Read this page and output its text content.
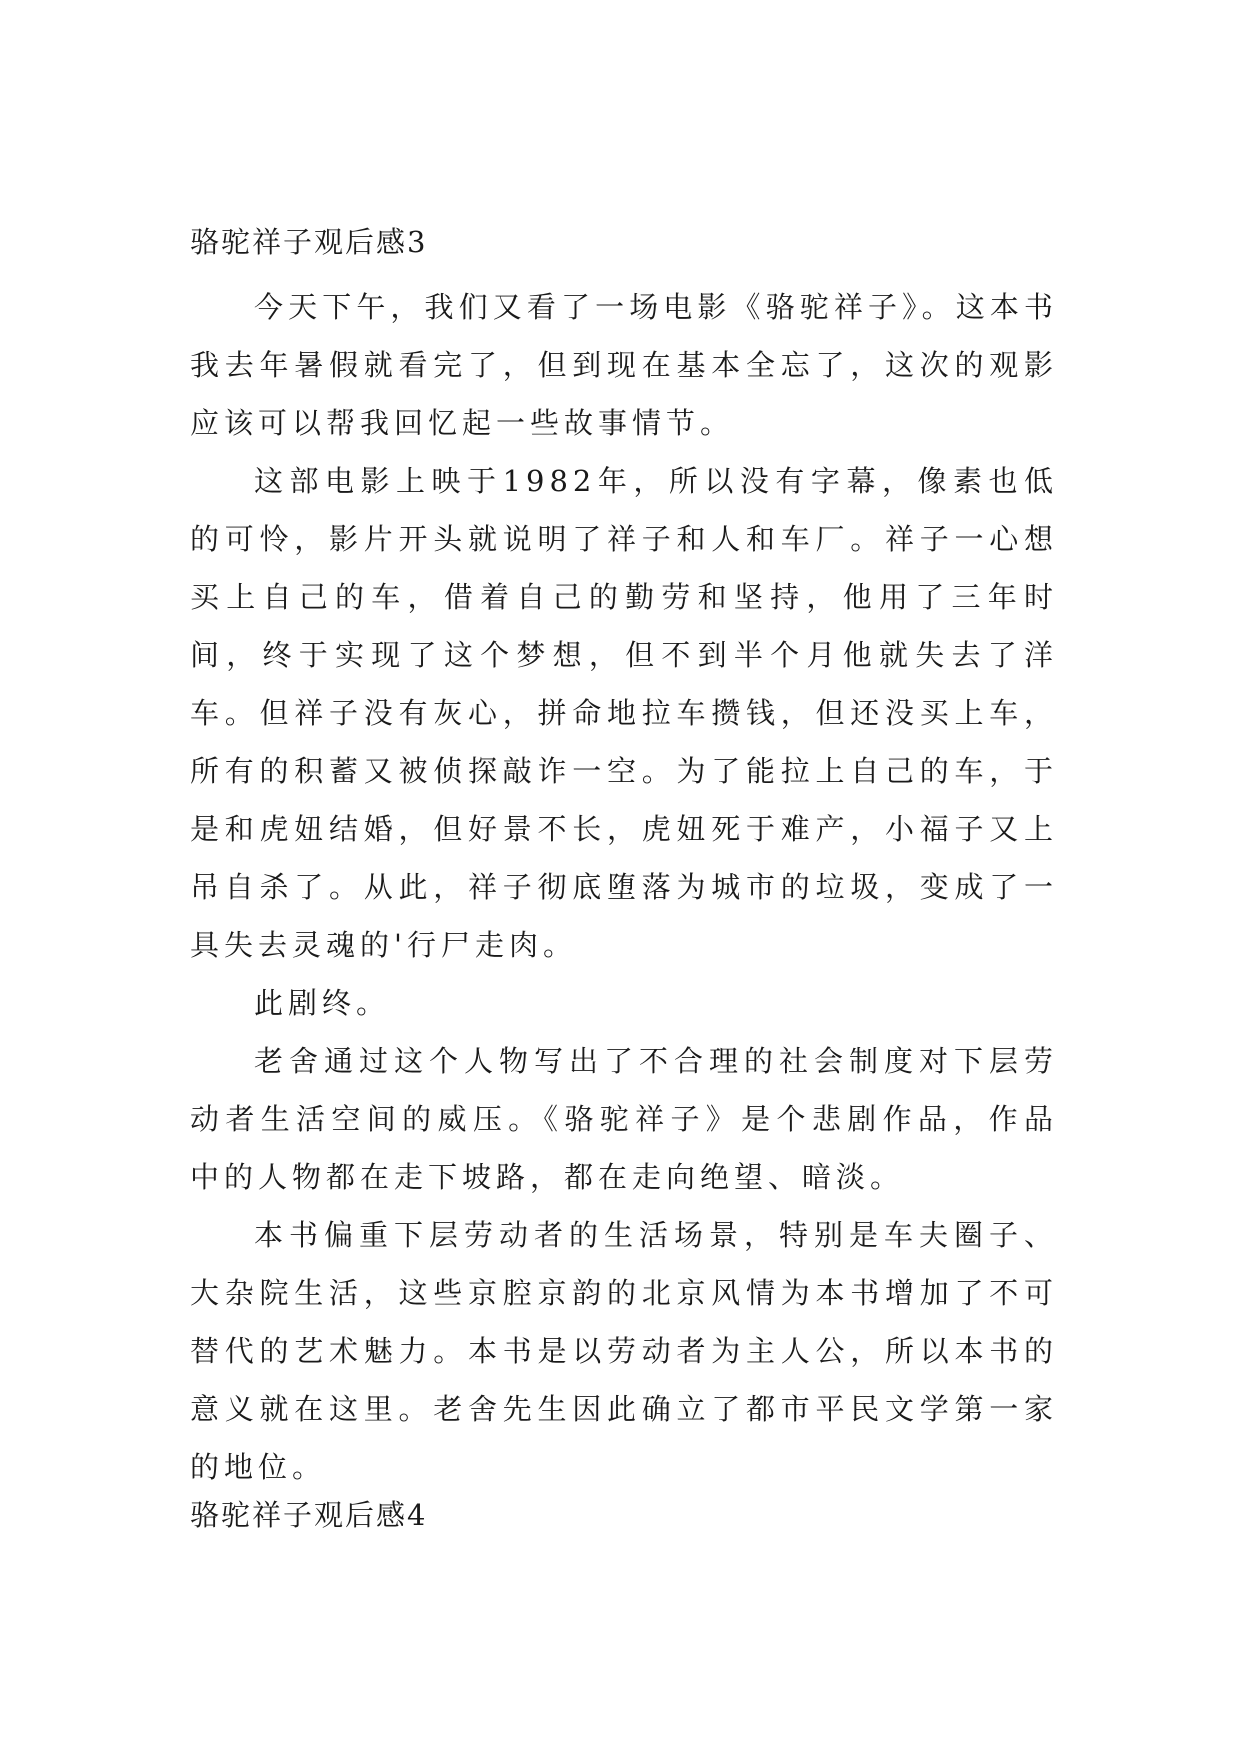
骆驼祥子观后感3

今天下午，我们又看了一场电影《骆驼祥子》。这本书我去年暑假就看完了，但到现在基本全忘了，这次的观影应该可以帮我回忆起一些故事情节。

这部电影上映于1982年，所以没有字幕，像素也低的可怜，影片开头就说明了祥子和人和车厂。祥子一心想买上自己的车，借着自己的勤劳和坚持，他用了三年时间，终于实现了这个梦想，但不到半个月他就失去了洋车。但祥子没有灰心，拼命地拉车攒钱，但还没买上车，所有的积蓄又被侦探敲诈一空。为了能拉上自己的车，于是和虎妞结婚，但好景不长，虎妞死于难产，小福子又上吊自杀了。从此，祥子彻底堕落为城市的垃圾，变成了一具失去灵魂的'行尸走肉。

此剧终。

老舍通过这个人物写出了不合理的社会制度对下层劳动者生活空间的威压。《骆驼祥子》是个悲剧作品，作品中的人物都在走下坡路，都在走向绝望、暗淡。

本书偏重下层劳动者的生活场景，特别是车夫圈子、大杂院生活，这些京腔京韵的北京风情为本书增加了不可替代的艺术魅力。本书是以劳动者为主人公，所以本书的意义就在这里。老舍先生因此确立了都市平民文学第一家的地位。

骆驼祥子观后感4
